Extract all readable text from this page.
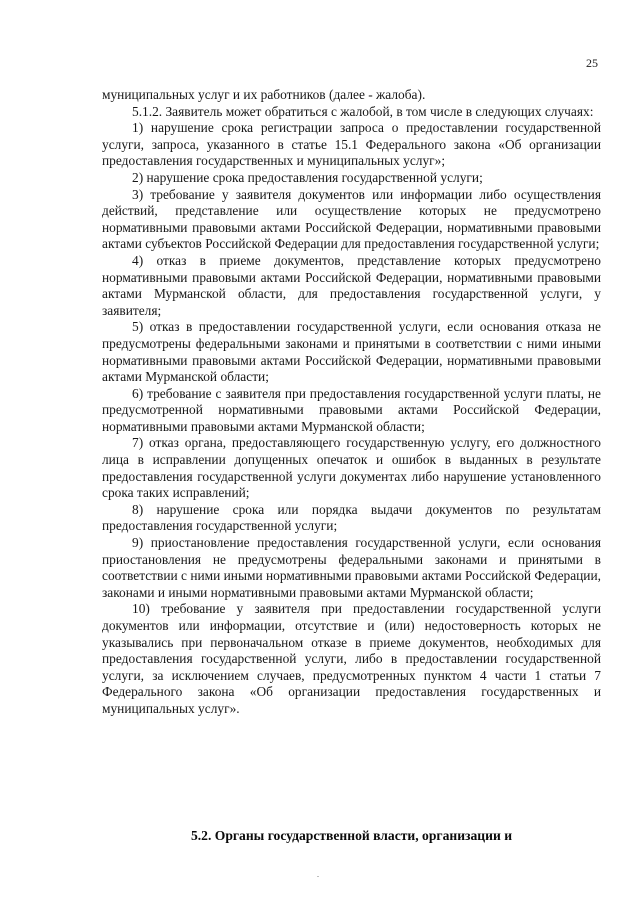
25

муниципальных услуг и их работников (далее - жалоба).

5.1.2. Заявитель может обратиться с жалобой, в том числе в следующих случаях:

1) нарушение срока регистрации запроса о предоставлении государственной услуги, запроса, указанного в статье 15.1 Федерального закона «Об организации предоставления государственных и муниципальных услуг»;

2) нарушение срока предоставления государственной услуги;

3) требование у заявителя документов или информации либо осуществления действий, представление или осуществление которых не предусмотрено нормативными правовыми актами Российской Федерации, нормативными правовыми актами субъектов Российской Федерации для предоставления государственной услуги;

4) отказ в приеме документов, представление которых предусмотрено нормативными правовыми актами Российской Федерации, нормативными правовыми актами Мурманской области, для предоставления государственной услуги, у заявителя;

5) отказ в предоставлении государственной услуги, если основания отказа не предусмотрены федеральными законами и принятыми в соответствии с ними иными нормативными правовыми актами Российской Федерации, нормативными правовыми актами Мурманской области;

6) требование с заявителя при предоставления государственной услуги платы, не предусмотренной нормативными правовыми актами Российской Федерации, нормативными правовыми актами Мурманской области;

7) отказ органа, предоставляющего государственную услугу, его должностного лица в исправлении допущенных опечаток и ошибок в выданных в результате предоставления государственной услуги документах либо нарушение установленного срока таких исправлений;

8) нарушение срока или порядка выдачи документов по результатам предоставления государственной услуги;

9) приостановление предоставления государственной услуги, если основания приостановления не предусмотрены федеральными законами и принятыми в соответствии с ними иными нормативными правовыми актами Российской Федерации, законами и иными нормативными правовыми актами Мурманской области;

10) требование у заявителя при предоставлении государственной услуги документов или информации, отсутствие и (или) недостоверность которых не указывались при первоначальном отказе в приеме документов, необходимых для предоставления государственной услуги, либо в предоставлении государственной услуги, за исключением случаев, предусмотренных пунктом 4 части 1 статьи 7 Федерального закона «Об организации предоставления государственных и муниципальных услуг».

5.2. Органы государственной власти, организации и
